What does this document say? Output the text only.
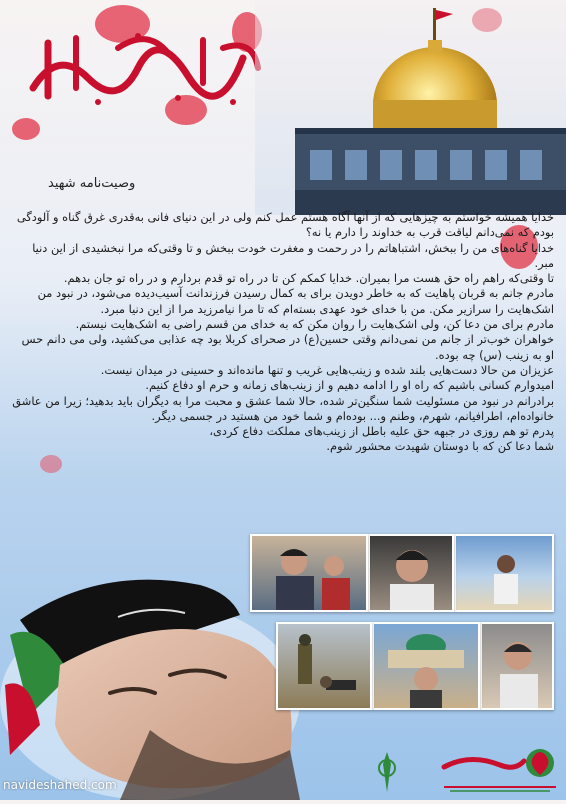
وصیت‌نامه شهید

خدایا همیشه خواستم به چیزهایی که از آنها آگاه هستم عمل کنم ولی در این دنیای فانی به‌قدری غرق گناه و آلودگی بودم که نمی‌دانم لیاقت قرب به خداوند را دارم یا نه؟

خدایا گناه‌های من را ببخش، اشتباهاتم را در رحمت و مغفرت خودت ببخش و تا وقتی‌که مرا نبخشیدی از این دنیا مبر.

تا وقتی‌که راهم راه حق هست مرا بمیران. خدایا کمکم کن تا در راه تو قدم بردارم و در راه تو جان بدهم.

مادرم جانم به قربان پاهایت که به خاطر دویدن برای به کمال رسیدن فرزندانت آسیب‌دیده می‌شود، در نبود من اشک‌هایت را سرازیر مکن. من با خدای خود عهدی بسته‌ام که تا مرا نیامرزید مرا از این دنیا مبرد.

مادرم برای من دعا کن، ولی اشک‌هایت را روان مکن که به خدای من قسم راضی به اشک‌هایت نیستم.

خواهران خوب‌تر از جانم من نمی‌دانم وقتی حسین(ع) در صحرای کربلا بود چه عذابی می‌کشید، ولی می دانم حس او به زینب (س) چه بوده.

عزیزان من حالا دست‌هایی بلند شده و زینب‌هایی غریب و تنها مانده‌اند و حسینی در میدان نیست.

امیدوارم کسانی باشیم که راه او را ادامه دهیم و از زینب‌های زمانه و حرم او دفاع کنیم.

برادرانم در نبود من مسئولیت شما سنگین‌تر شده، حالا شما عشق و محبت مرا به دیگران باید بدهید؛ زیرا من عاشق خانواده‌ام، اطرافیانم، شهرم، وطنم و... بوده‌ام و شما خود من هستید در جسمی دیگر.

پدرم تو هم روزی در جبهه حق علیه باطل از زینب‌های مملکت دفاع کردی،

شما دعا کن که با دوستان شهیدت محشور شوم.

navideshahed.com
